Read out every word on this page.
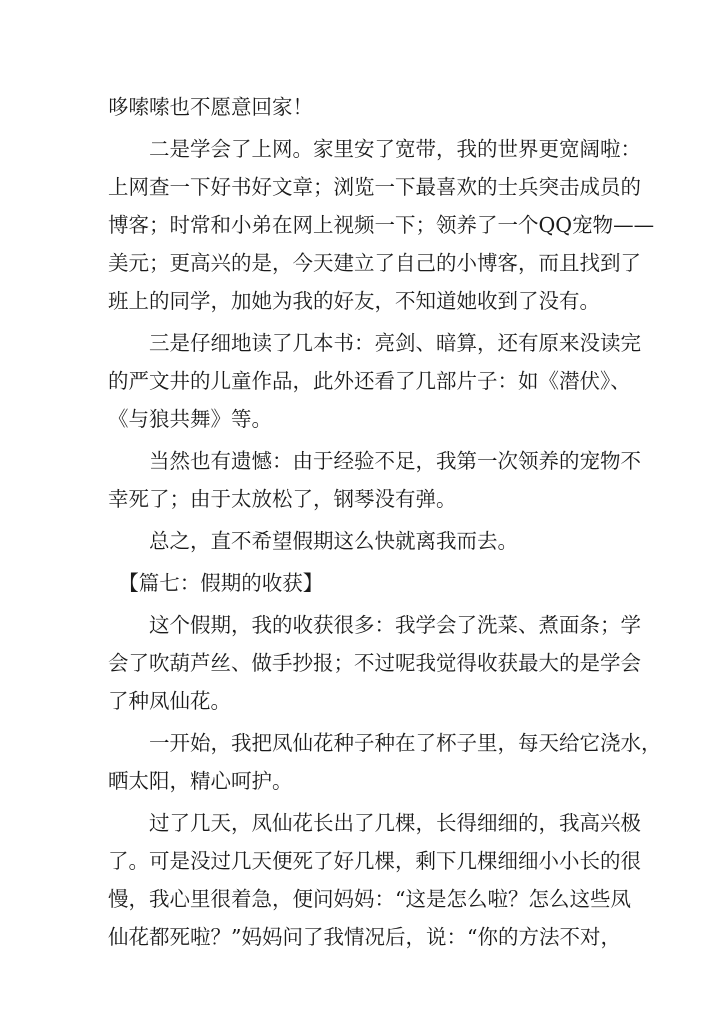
哆嗦嗦也不愿意回家！
　　二是学会了上网。家里安了宽带，我的世界更宽阔啦：
上网查一下好书好文章；浏览一下最喜欢的士兵突击成员的
博客；时常和小弟在网上视频一下；领养了一个QQ宠物——
美元；更高兴的是，今天建立了自己的小博客，而且找到了
班上的同学，加她为我的好友，不知道她收到了没有。
　　三是仔细地读了几本书：亮剑、暗算，还有原来没读完
的严文井的儿童作品，此外还看了几部片子：如《潜伏》、
《与狼共舞》等。
　　当然也有遗憾：由于经验不足，我第一次领养的宠物不
幸死了；由于太放松了，钢琴没有弹。
　　总之，直不希望假期这么快就离我而去。
　【篇七：假期的收获】
　　这个假期，我的收获很多：我学会了洗菜、煮面条；学
会了吹葫芦丝、做手抄报；不过呢我觉得收获最大的是学会
了种凤仙花。
　　一开始，我把凤仙花种子种在了杯子里，每天给它浇水，
晒太阳，精心呵护。
　　过了几天，凤仙花长出了几棵，长得细细的，我高兴极
了。可是没过几天便死了好几棵，剩下几棵细细小小长的很
慢，我心里很着急，便问妈妈：“这是怎么啦？怎么这些凤
仙花都死啦？”妈妈问了我情况后，说：“你的方法不对，
